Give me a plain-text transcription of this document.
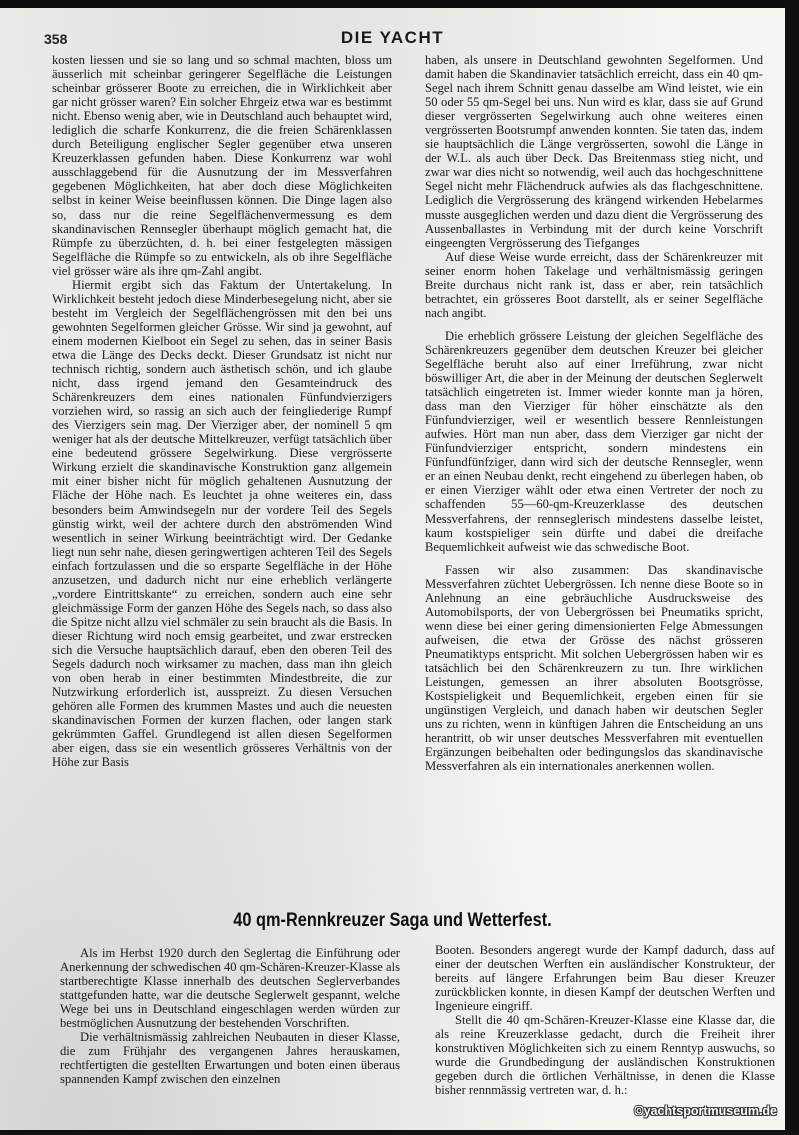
358	DIE YACHT

kosten liessen und sie so lang und so schmal machten, bloss um äusserlich mit scheinbar geringerer Segelfläche die Leistungen scheinbar grösserer Boote zu erreichen, die in Wirklichkeit aber gar nicht grösser waren? Ein solcher Ehrgeiz etwa war es bestimmt nicht. Ebenso wenig aber, wie in Deutschland auch behauptet wird, lediglich die scharfe Konkurrenz, die die freien Schärenklassen durch Beteiligung englischer Segler gegenüber etwa unseren Kreuzerklassen gefunden haben. Diese Konkurrenz war wohl ausschlaggebend für die Ausnutzung der im Messverfahren gegebenen Möglichkeiten, hat aber doch diese Möglichkeiten selbst in keiner Weise beeinflussen können. Die Dinge lagen also so, dass nur die reine Segelflächenvermessung es dem skandinavischen Rennsegler überhaupt möglich gemacht hat, die Rümpfe zu überzüchten, d. h. bei einer festgelegten mässigen Segelfläche die Rümpfe so zu entwickeln, als ob ihre Segelfläche viel grösser wäre als ihre qm-Zahl angibt.

Hiermit ergibt sich das Faktum der Untertakelung. In Wirklichkeit besteht jedoch diese Minderbesegelung nicht, aber sie besteht im Vergleich der Segelflächengrössen mit den bei uns gewohnten Segelformen gleicher Grösse. Wir sind ja gewohnt, auf einem modernen Kielboot ein Segel zu sehen, das in seiner Basis etwa die Länge des Decks deckt. Dieser Grundsatz ist nicht nur technisch richtig, sondern auch ästhetisch schön, und ich glaube nicht, dass irgend jemand den Gesamteindruck des Schärenkreuzers dem eines nationalen Fünfundvierzigers vorziehen wird, so rassig an sich auch der feingliederige Rumpf des Vierzigers sein mag. Der Vierziger aber, der nominell 5 qm weniger hat als der deutsche Mittelkreuzer, verfügt tatsächlich über eine bedeutend grössere Segelwirkung. Diese vergrösserte Wirkung erzielt die skandinavische Konstruktion ganz allgemein mit einer bisher nicht für möglich gehaltenen Ausnutzung der Fläche der Höhe nach. Es leuchtet ja ohne weiteres ein, dass besonders beim Amwindsegeln nur der vordere Teil des Segels günstig wirkt, weil der achtere durch den abströmenden Wind wesentlich in seiner Wirkung beeinträchtigt wird. Der Gedanke liegt nun sehr nahe, diesen geringwertigen achteren Teil des Segels einfach fortzulassen und die so ersparte Segelfläche in der Höhe anzusetzen, und dadurch nicht nur eine erheblich verlängerte „vordere Eintrittskante“ zu erreichen, sondern auch eine sehr gleichmässige Form der ganzen Höhe des Segels nach, so dass also die Spitze nicht allzu viel schmäler zu sein braucht als die Basis. In dieser Richtung wird noch emsig gearbeitet, und zwar erstrecken sich die Versuche hauptsächlich darauf, eben den oberen Teil des Segels dadurch noch wirksamer zu machen, dass man ihn gleich von oben herab in einer bestimmten Mindestbreite, die zur Nutzwirkung erforderlich ist, ausspreizt. Zu diesen Versuchen gehören alle Formen des krummen Mastes und auch die neuesten skandinavischen Formen der kurzen flachen, oder langen stark gekrümmten Gaffel. Grundlegend ist allen diesen Segelformen aber eigen, dass sie ein wesentlich grösseres Verhältnis von der Höhe zur Basis

haben, als unsere in Deutschland gewohnten Segelformen. Und damit haben die Skandinavier tatsächlich erreicht, dass ein 40 qm-Segel nach ihrem Schnitt genau dasselbe am Wind leistet, wie ein 50 oder 55 qm-Segel bei uns. Nun wird es klar, dass sie auf Grund dieser vergrösserten Segelwirkung auch ohne weiteres einen vergrösserten Bootsrumpf anwenden konnten. Sie taten das, indem sie hauptsächlich die Länge vergrösserten, sowohl die Länge in der W.L. als auch über Deck. Das Breitenmass stieg nicht, und zwar war dies nicht so notwendig, weil auch das hochgeschnittene Segel nicht mehr Flächendruck aufwies als das flachgeschnittene. Lediglich die Vergrösserung des krängend wirkenden Hebelarmes musste ausgeglichen werden und dazu dient die Vergrösserung des Aussenballastes in Verbindung mit der durch keine Vorschrift eingeengten Vergrösserung des Tiefganges

Auf diese Weise wurde erreicht, dass der Schärenkreuzer mit seiner enorm hohen Takelage und verhältnismässig geringen Breite durchaus nicht rank ist, dass er aber, rein tatsächlich betrachtet, ein grösseres Boot darstellt, als er seiner Segelfläche nach angibt.

Die erheblich grössere Leistung der gleichen Segelfläche des Schärenkreuzers gegenüber dem deutschen Kreuzer bei gleicher Segelfläche beruht also auf einer Irreführung, zwar nicht böswilliger Art, die aber in der Meinung der deutschen Seglerwelt tatsächlich eingetreten ist. Immer wieder konnte man ja hören, dass man den Vierziger für höher einschätzte als den Fünfundvierziger, weil er wesentlich bessere Rennleistungen aufwies. Hört man nun aber, dass dem Vierziger gar nicht der Fünfundvierziger entspricht, sondern mindestens ein Fünfundfünfziger, dann wird sich der deutsche Rennsegler, wenn er an einen Neubau denkt, recht eingehend zu überlegen haben, ob er einen Vierziger wählt oder etwa einen Vertreter der noch zu schaffenden 55—60-qm-Kreuzerklasse des deutschen Messverfahrens, der rennseglerisch mindestens dasselbe leistet, kaum kostspieliger sein dürfte und dabei die dreifache Bequemlichkeit aufweist wie das schwedische Boot.

Fassen wir also zusammen: Das skandinavische Messverfahren züchtet Uebergrössen. Ich nenne diese Boote so in Anlehnung an eine gebräuchliche Ausdrucksweise des Automobilsports, der von Uebergrössen bei Pneumatiks spricht, wenn diese bei einer gering dimensionierten Felge Abmessungen aufweisen, die etwa der Grösse des nächst grösseren Pneumatiktyps entspricht. Mit solchen Uebergrössen haben wir es tatsächlich bei den Schärenkreuzern zu tun. Ihre wirklichen Leistungen, gemessen an ihrer absoluten Bootsgrösse, Kostspieligkeit und Bequemlichkeit, ergeben einen für sie ungünstigen Vergleich, und danach haben wir deutschen Segler uns zu richten, wenn in künftigen Jahren die Entscheidung an uns herantritt, ob wir unser deutsches Messverfahren mit eventuellen Ergänzungen beibehalten oder bedingungslos das skandinavische Messverfahren als ein internationales anerkennen wollen.

40 qm-Rennkreuzer Saga und Wetterfest.

Als im Herbst 1920 durch den Seglertag die Einführung oder Anerkennung der schwedischen 40 qm-Schären-Kreuzer-Klasse als startberechtigte Klasse innerhalb des deutschen Seglerverbandes stattgefunden hatte, war die deutsche Seglerwelt gespannt, welche Wege bei uns in Deutschland eingeschlagen werden würden zur bestmöglichen Ausnutzung der bestehenden Vorschriften.

Die verhältnismässig zahlreichen Neubauten in dieser Klasse, die zum Frühjahr des vergangenen Jahres herauskamen, rechtfertigten die gestellten Erwartungen und boten einen überaus spannenden Kampf zwischen den einzelnen

Booten. Besonders angeregt wurde der Kampf dadurch, dass auf einer der deutschen Werften ein ausländischer Konstrukteur, der bereits auf längere Erfahrungen beim Bau dieser Kreuzer zurückblicken konnte, in diesen Kampf der deutschen Werften und Ingenieure eingriff.

Stellt die 40 qm-Schären-Kreuzer-Klasse eine Klasse dar, die als reine Kreuzerklasse gedacht, durch die Freiheit ihrer konstruktiven Möglichkeiten sich zu einem Renntyp auswuchs, so wurde die Grundbedingung der ausländischen Konstruktionen gegeben durch die örtlichen Verhältnisse, in denen die Klasse bisher rennmässig vertreten war, d. h.:

©yachtsportmuseum.de
